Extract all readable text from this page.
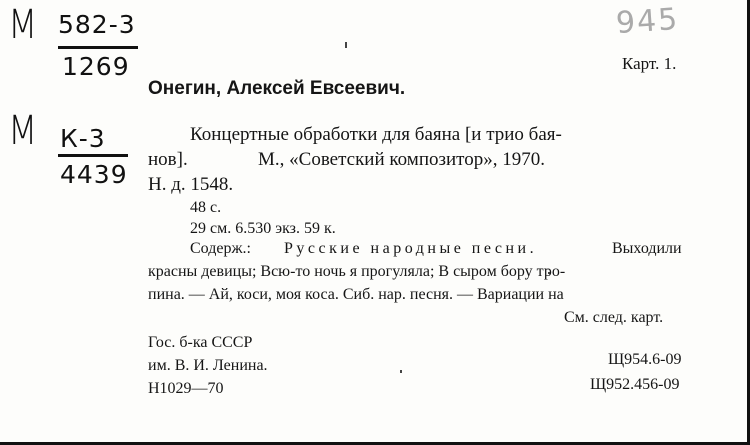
М 582-3
1269
М К-3
4439
945
Карт. 1.
Онегин, Алексей Евсеевич.
Концертные обработки для баяна [и трио бая-
нов].	М., «Советский композитор», 1970.
Н. д. 1548.
48 с.
29 см. 6.530 экз. 59 к.
Содерж.: Русские народные песни.	Выходили
красны девицы; Всю-то ночь я прогуляла; В сыром бору тро-
пина. — Ай, коси, моя коса. Сиб. нар. песня. — Вариации на
См. след. карт.
Гос. б-ка СССР
им. В. И. Ленина.
Н1029—70
Щ954.6-09
Щ952.456-09
